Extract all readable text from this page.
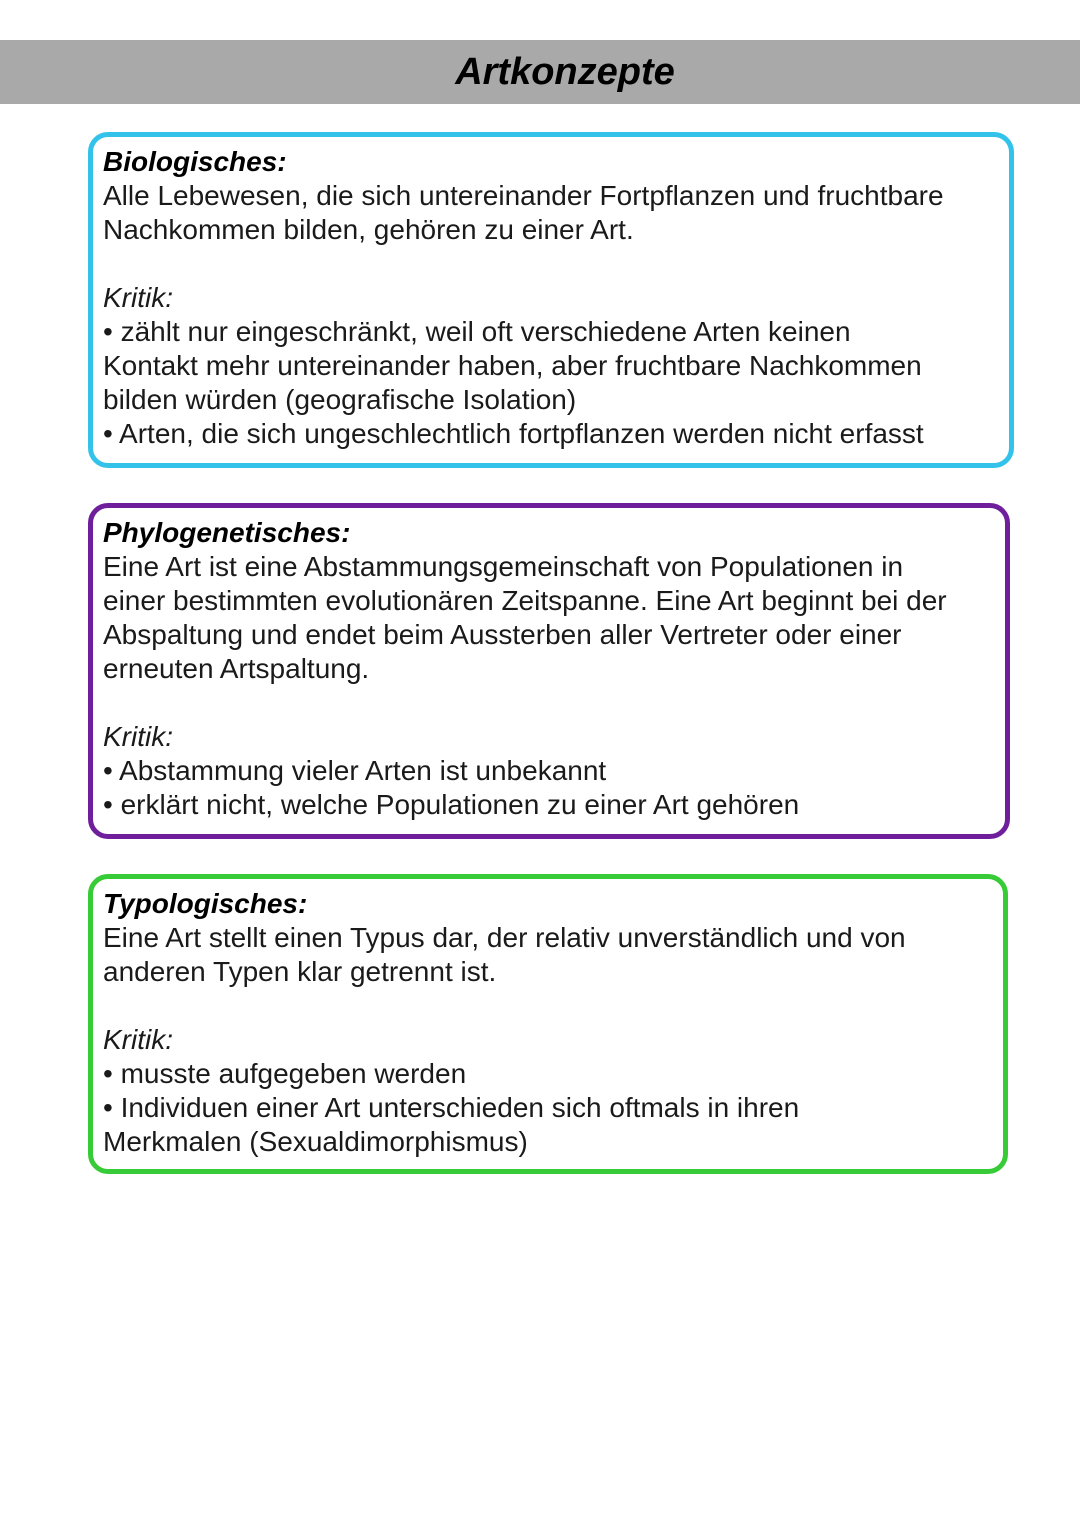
Artkonzepte
Biologisches:
Alle Lebewesen, die sich untereinander Fortpflanzen und fruchtbare
Nachkommen bilden, gehören zu einer Art.
Kritik:
• zählt nur eingeschränkt, weil oft verschiedene Arten keinen
Kontakt mehr untereinander haben, aber fruchtbare Nachkommen
bilden würden (geografische Isolation)
• Arten, die sich ungeschlechtlich fortpflanzen werden nicht erfasst
Phylogenetisches:
Eine Art ist eine Abstammungsgemeinschaft von Populationen in
einer bestimmten evolutionären Zeitspanne. Eine Art beginnt bei der
Abspaltung und endet beim Aussterben aller Vertreter oder einer
erneuten Artspaltung.
Kritik:
• Abstammung vieler Arten ist unbekannt
• erklärt nicht, welche Populationen zu einer Art gehören
Typologisches:
Eine Art stellt einen Typus dar, der relativ unverständlich und von
anderen Typen klar getrennt ist.
Kritik:
• musste aufgegeben werden
• Individuen einer Art unterschieden sich oftmals in ihren
Merkmalen (Sexualdimorphismus)
